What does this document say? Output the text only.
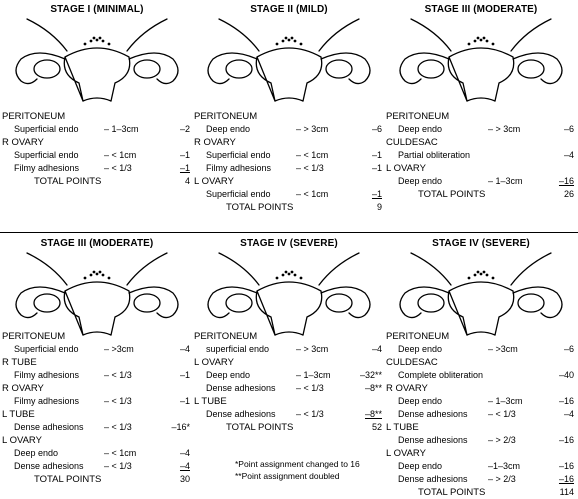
STAGE I (MINIMAL)
PERITONEUM
Superficial endo	– 1–3cm	–2
R OVARY
Superficial endo	– < 1cm	–1
Filmy adhesions	– < 1/3	–1
TOTAL POINTS	4
STAGE II (MILD)
PERITONEUM
Deep endo	– > 3cm	–6
R OVARY
Superficial endo	– < 1cm	–1
Filmy adhesions	– < 1/3	–1
L OVARY
Superficial endo	– < 1cm	–1
TOTAL POINTS	9
STAGE III (MODERATE)
PERITONEUM
Deep endo	– > 3cm	–6
CULDESAC
Partial obliteration	–4
L OVARY
Deep endo	– 1–3cm	–16
TOTAL POINTS	26
STAGE III (MODERATE)
PERITONEUM
Superficial endo	– >3cm	–4
R TUBE
Filmy adhesions	– < 1/3	–1
R OVARY
Filmy adhesions	– < 1/3	–1
L TUBE
Dense adhesions – < 1/3	–16*
L OVARY
Deep endo	– < 1cm	–4
Dense adhesions – < 1/3	–4
TOTAL POINTS	30
STAGE IV (SEVERE)
PERITONEUM
superficial endo	– > 3cm	–4
L OVARY
Deep endo	– 1–3cm	–32**
Dense adhesions – < 1/3	–8**
L TUBE
Dense adhesions – < 1/3	–8**
TOTAL POINTS	52
STAGE IV (SEVERE)
PERITONEUM
Deep endo	– >3cm	–6
CULDESAC
Complete obliteration	–40
R OVARY
Deep endo	– 1–3cm	–16
Dense adhesions – < 1/3	–4
L TUBE
Dense adhesions – > 2/3	–16
L OVARY
Deep endo	–1–3cm	–16
Dense adhesions – > 2/3	–16
TOTAL POINTS	114
*Point assignment changed to 16
**Point assignment doubled
